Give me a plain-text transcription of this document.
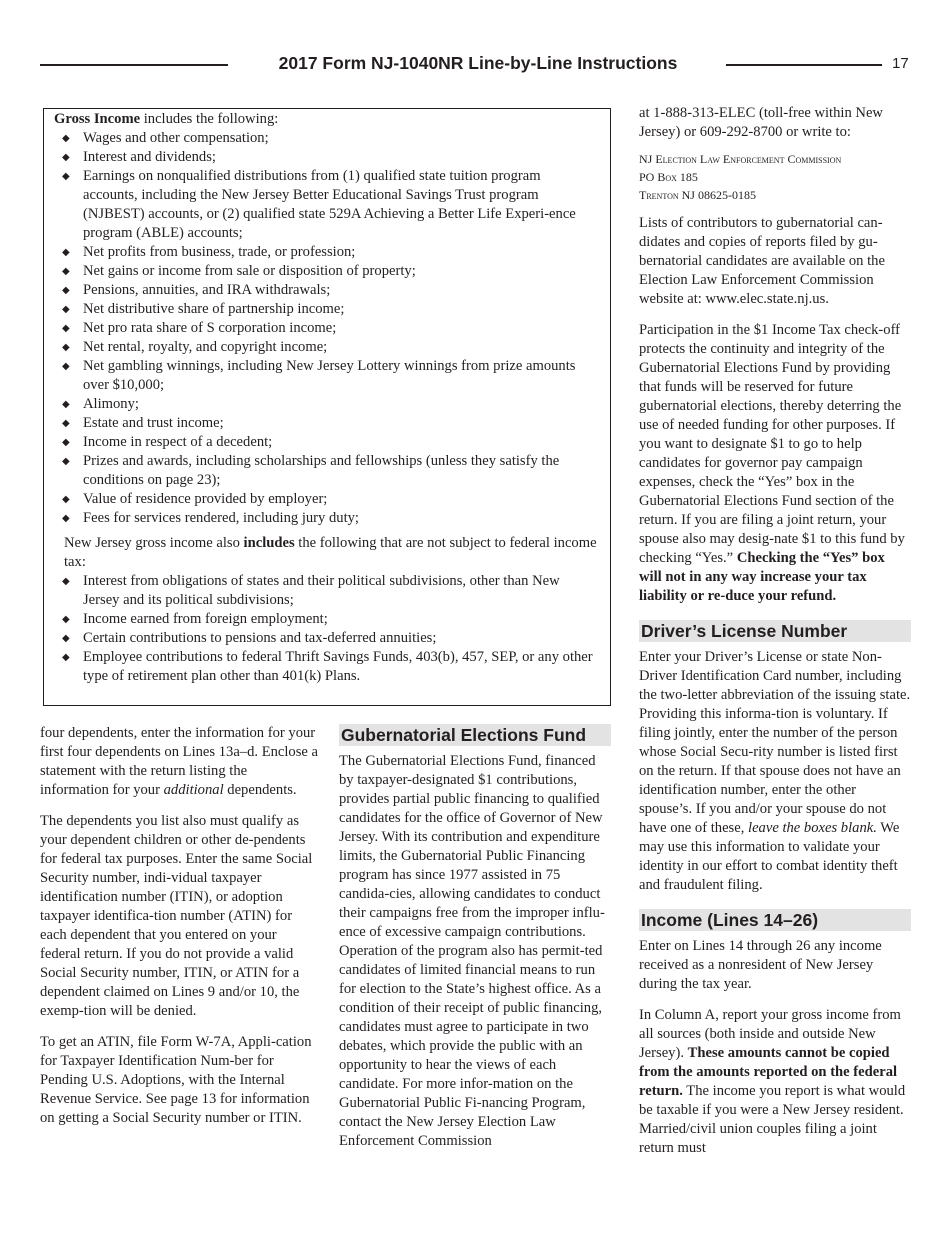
2017 Form NJ-1040NR Line-by-Line Instructions	17

Gross Income includes the following:

◆ Wages and other compensation;
◆ Interest and dividends;
◆ Earnings on nonqualified distributions from (1) qualified state tuition program accounts, including the New Jersey Better Educational Savings Trust program (NJBEST) accounts, or (2) qualified state 529A Achieving a Better Life Experi-ence program (ABLE) accounts;
◆ Net profits from business, trade, or profession;
◆ Net gains or income from sale or disposition of property;
◆ Pensions, annuities, and IRA withdrawals;
◆ Net distributive share of partnership income;
◆ Net pro rata share of S corporation income;
◆ Net rental, royalty, and copyright income;
◆ Net gambling winnings, including New Jersey Lottery winnings from prize amounts over $10,000;
◆ Alimony;
◆ Estate and trust income;
◆ Income in respect of a decedent;
◆ Prizes and awards, including scholarships and fellowships (unless they satisfy the conditions on page 23);
◆ Value of residence provided by employer;
◆ Fees for services rendered, including jury duty;

New Jersey gross income also includes the following that are not subject to federal income tax:

◆ Interest from obligations of states and their political subdivisions, other than New Jersey and its political subdivisions;
◆ Income earned from foreign employment;
◆ Certain contributions to pensions and tax-deferred annuities;
◆ Employee contributions to federal Thrift Savings Funds, 403(b), 457, SEP, or any other type of retirement plan other than 401(k) Plans.

four dependents, enter the information for your first four dependents on Lines 13a–d. Enclose a statement with the return listing the information for your additional dependents.

The dependents you list also must qualify as your dependent children or other de-pendents for federal tax purposes. Enter the same Social Security number, indi-vidual taxpayer identification number (ITIN), or adoption taxpayer identifica-tion number (ATIN) for each dependent that you entered on your federal return. If you do not provide a valid Social Security number, ITIN, or ATIN for a dependent claimed on Lines 9 and/or 10, the exemp-tion will be denied.

To get an ATIN, file Form W-7A, Appli-cation for Taxpayer Identification Num-ber for Pending U.S. Adoptions, with the Internal Revenue Service. See page 13 for information on getting a Social Security number or ITIN.

Gubernatorial Elections Fund

The Gubernatorial Elections Fund, financed by taxpayer-designated $1 contributions, provides partial public financing to qualified candidates for the office of Governor of New Jersey. With its contribution and expenditure limits, the Gubernatorial Public Financing program has since 1977 assisted in 75 candida-cies, allowing candidates to conduct their campaigns free from the improper influ-ence of excessive campaign contributions. Operation of the program also has permit-ted candidates of limited financial means to run for election to the State’s highest office. As a condition of their receipt of public financing, candidates must agree to participate in two debates, which provide the public with an opportunity to hear the views of each candidate. For more infor-mation on the Gubernatorial Public Fi-nancing Program, contact the New Jersey Election Law Enforcement Commission

at 1-888-313-ELEC (toll-free within New Jersey) or 609-292-8700 or write to:

NJ Election Law Enforcement Commission
PO Box 185
Trenton NJ 08625-0185

Lists of contributors to gubernatorial can-didates and copies of reports filed by gu-bernatorial candidates are available on the Election Law Enforcement Commission website at: www.elec.state.nj.us.

Participation in the $1 Income Tax check-off protects the continuity and integrity of the Gubernatorial Elections Fund by providing that funds will be reserved for future gubernatorial elections, thereby deterring the use of needed funding for other purposes. If you want to designate $1 to go to help candidates for governor pay campaign expenses, check the “Yes” box in the Gubernatorial Elections Fund section of the return. If you are filing a joint return, your spouse also may desig-nate $1 to this fund by checking “Yes.” Checking the “Yes” box will not in any way increase your tax liability or re-duce your refund.

Driver’s License Number

Enter your Driver’s License or state Non-Driver Identification Card number, including the two-letter abbreviation of the issuing state. Providing this informa-tion is voluntary. If filing jointly, enter the number of the person whose Social Secu-rity number is listed first on the return. If that spouse does not have an identification number, enter the other spouse’s. If you and/or your spouse do not have one of these, leave the boxes blank. We may use this information to validate your identity in our effort to combat identity theft and fraudulent filing.

Income (Lines 14–26)

Enter on Lines 14 through 26 any income received as a nonresident of New Jersey during the tax year.

In Column A, report your gross income from all sources (both inside and outside New Jersey). These amounts cannot be copied from the amounts reported on the federal return. The income you report is what would be taxable if you were a New Jersey resident. Married/civil union couples filing a joint return must
